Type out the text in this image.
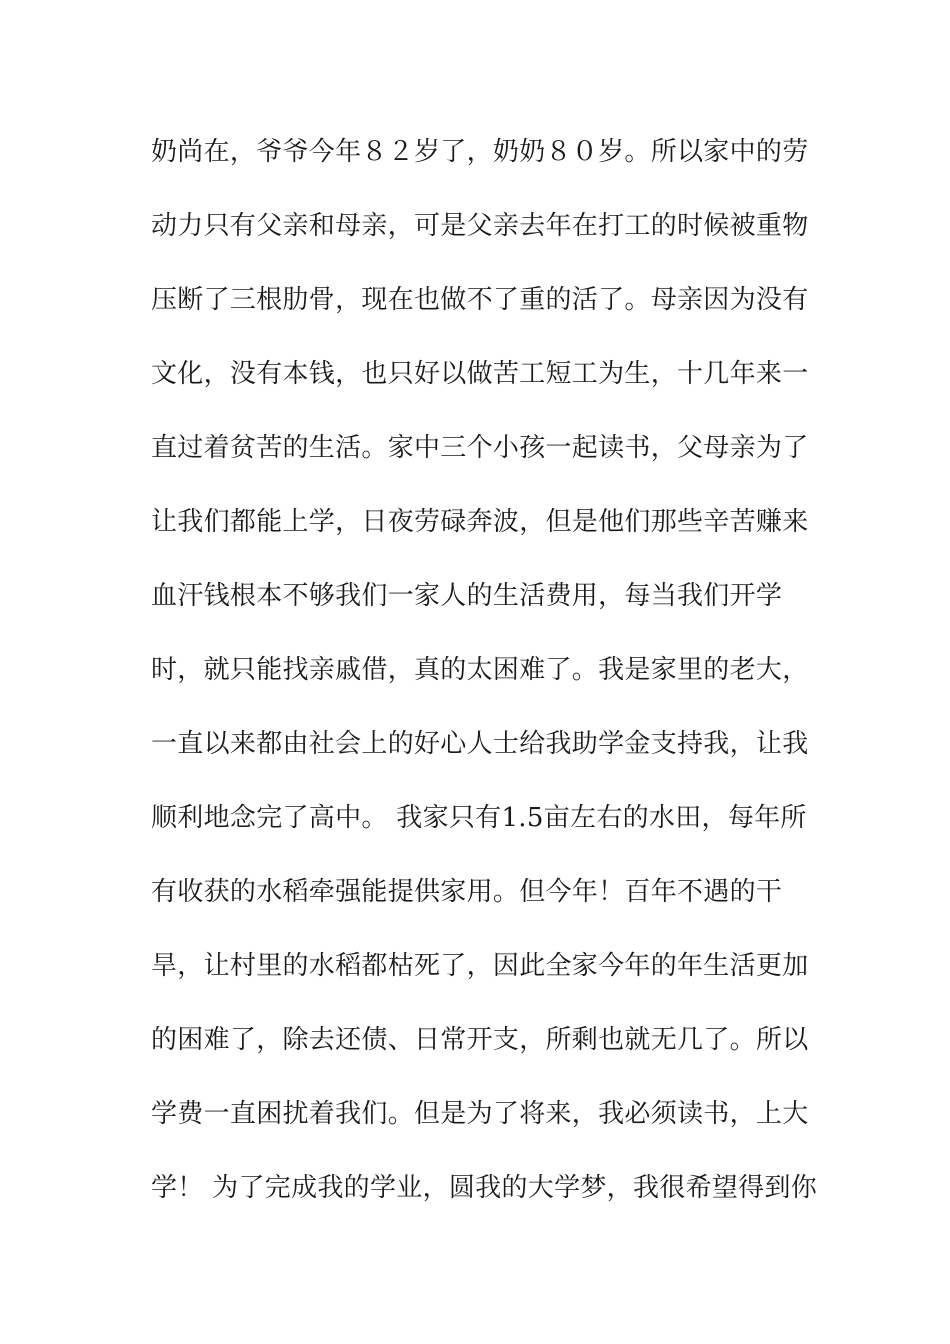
奶尚在，爷爷今年８２岁了，奶奶８０岁。所以家中的劳
动力只有父亲和母亲，可是父亲去年在打工的时候被重物
压断了三根肋骨，现在也做不了重的活了。母亲因为没有
文化，没有本钱，也只好以做苦工短工为生，十几年来一
直过着贫苦的生活。家中三个小孩一起读书，父母亲为了
让我们都能上学，日夜劳碌奔波，但是他们那些辛苦赚来
血汗钱根本不够我们一家人的生活费用，每当我们开学
时，就只能找亲戚借，真的太困难了。我是家里的老大，
一直以来都由社会上的好心人士给我助学金支持我，让我
顺利地念完了高中。 我家只有1.5亩左右的水田，每年所
有收获的水稻牵强能提供家用。但今年！百年不遇的干
旱，让村里的水稻都枯死了，因此全家今年的年生活更加
的困难了，除去还债、日常开支，所剩也就无几了。所以
学费一直困扰着我们。但是为了将来，我必须读书，上大
学！ 为了完成我的学业，圆我的大学梦，我很希望得到你
